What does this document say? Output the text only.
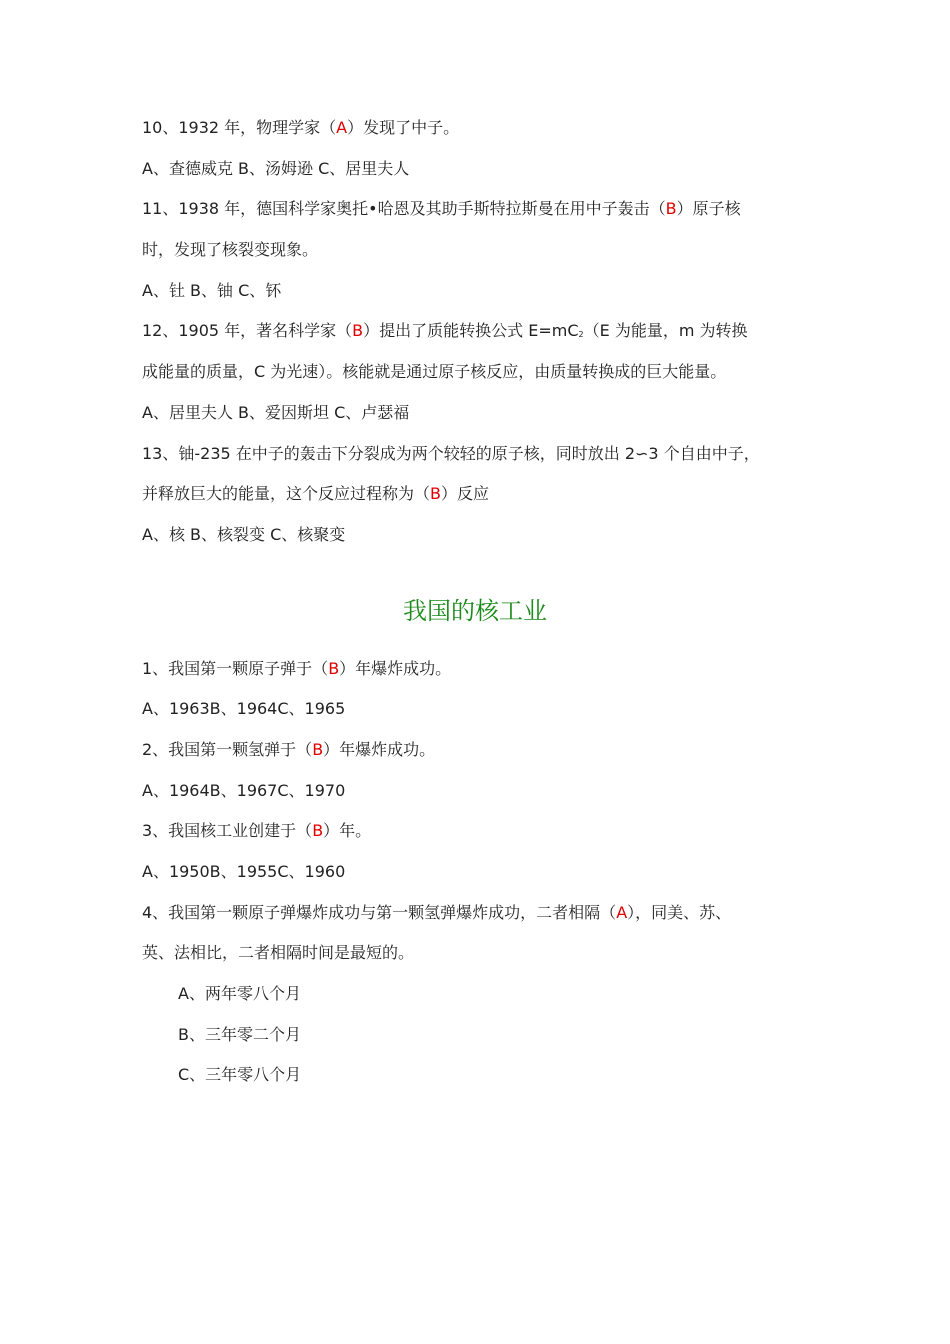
10、1932 年，物理学家（A）发现了中子。
A、查德威克 B、汤姆逊 C、居里夫人
11、1938 年，德国科学家奥托•哈恩及其助手斯特拉斯曼在用中子轰击（B）原子核
时，发现了核裂变现象。
A、钍 B、铀 C、钚
12、1905 年，著名科学家（B）提出了质能转换公式 E=mC2（E 为能量，m 为转换
成能量的质量，C 为光速）。核能就是通过原子核反应，由质量转换成的巨大能量。
A、居里夫人 B、爱因斯坦 C、卢瑟福
13、铀-235 在中子的轰击下分裂成为两个较轻的原子核，同时放出 2∽3 个自由中子，
并释放巨大的能量，这个反应过程称为（B）反应
A、核 B、核裂变 C、核聚变
我国的核工业
1、我国第一颗原子弹于（B）年爆炸成功。
A、1963B、1964C、1965
2、我国第一颗氢弹于（B）年爆炸成功。
A、1964B、1967C、1970
3、我国核工业创建于（B）年。
A、1950B、1955C、1960
4、我国第一颗原子弹爆炸成功与第一颗氢弹爆炸成功，二者相隔（A），同美、苏、
英、法相比，二者相隔时间是最短的。
A、两年零八个月
B、三年零二个月
C、三年零八个月
